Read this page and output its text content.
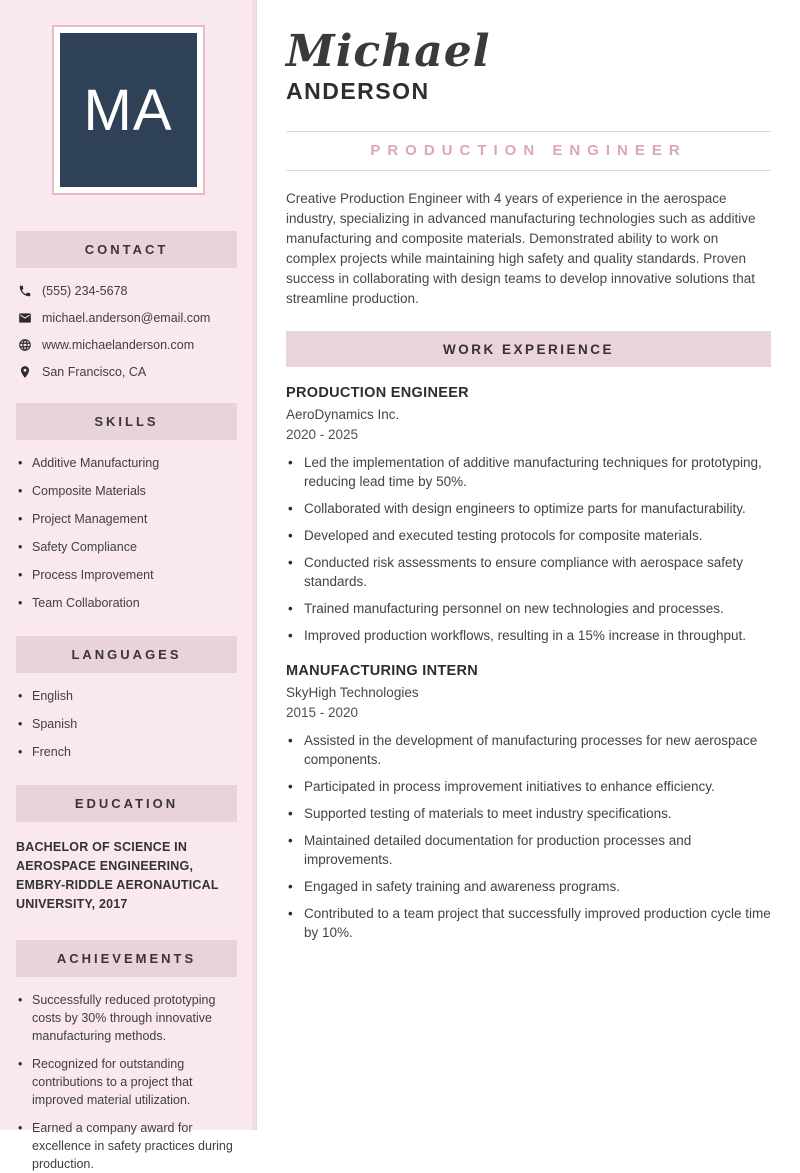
MA
CONTACT
(555) 234-5678
michael.anderson@email.com
www.michaelanderson.com
San Francisco, CA
SKILLS
• Additive Manufacturing
• Composite Materials
• Project Management
• Safety Compliance
• Process Improvement
• Team Collaboration
LANGUAGES
• English
• Spanish
• French
EDUCATION
BACHELOR OF SCIENCE IN AEROSPACE ENGINEERING, EMBRY-RIDDLE AERONAUTICAL UNIVERSITY, 2017
ACHIEVEMENTS
• Successfully reduced prototyping costs by 30% through innovative manufacturing methods.
• Recognized for outstanding contributions to a project that improved material utilization.
• Earned a company award for excellence in safety practices during production.
Michael
ANDERSON
PRODUCTION ENGINEER

Creative Production Engineer with 4 years of experience in the aerospace industry, specializing in advanced manufacturing technologies such as additive manufacturing and composite materials. Demonstrated ability to work on complex projects while maintaining high safety and quality standards. Proven success in collaborating with design teams to develop innovative solutions that streamline production.

WORK EXPERIENCE
PRODUCTION ENGINEER
AeroDynamics Inc.
2020 - 2025
• Led the implementation of additive manufacturing techniques for prototyping, reducing lead time by 50%.
• Collaborated with design engineers to optimize parts for manufacturability.
• Developed and executed testing protocols for composite materials.
• Conducted risk assessments to ensure compliance with aerospace safety standards.
• Trained manufacturing personnel on new technologies and processes.
• Improved production workflows, resulting in a 15% increase in throughput.
MANUFACTURING INTERN
SkyHigh Technologies
2015 - 2020
• Assisted in the development of manufacturing processes for new aerospace components.
• Participated in process improvement initiatives to enhance efficiency.
• Supported testing of materials to meet industry specifications.
• Maintained detailed documentation for production processes and improvements.
• Engaged in safety training and awareness programs.
• Contributed to a team project that successfully improved production cycle time by 10%.
